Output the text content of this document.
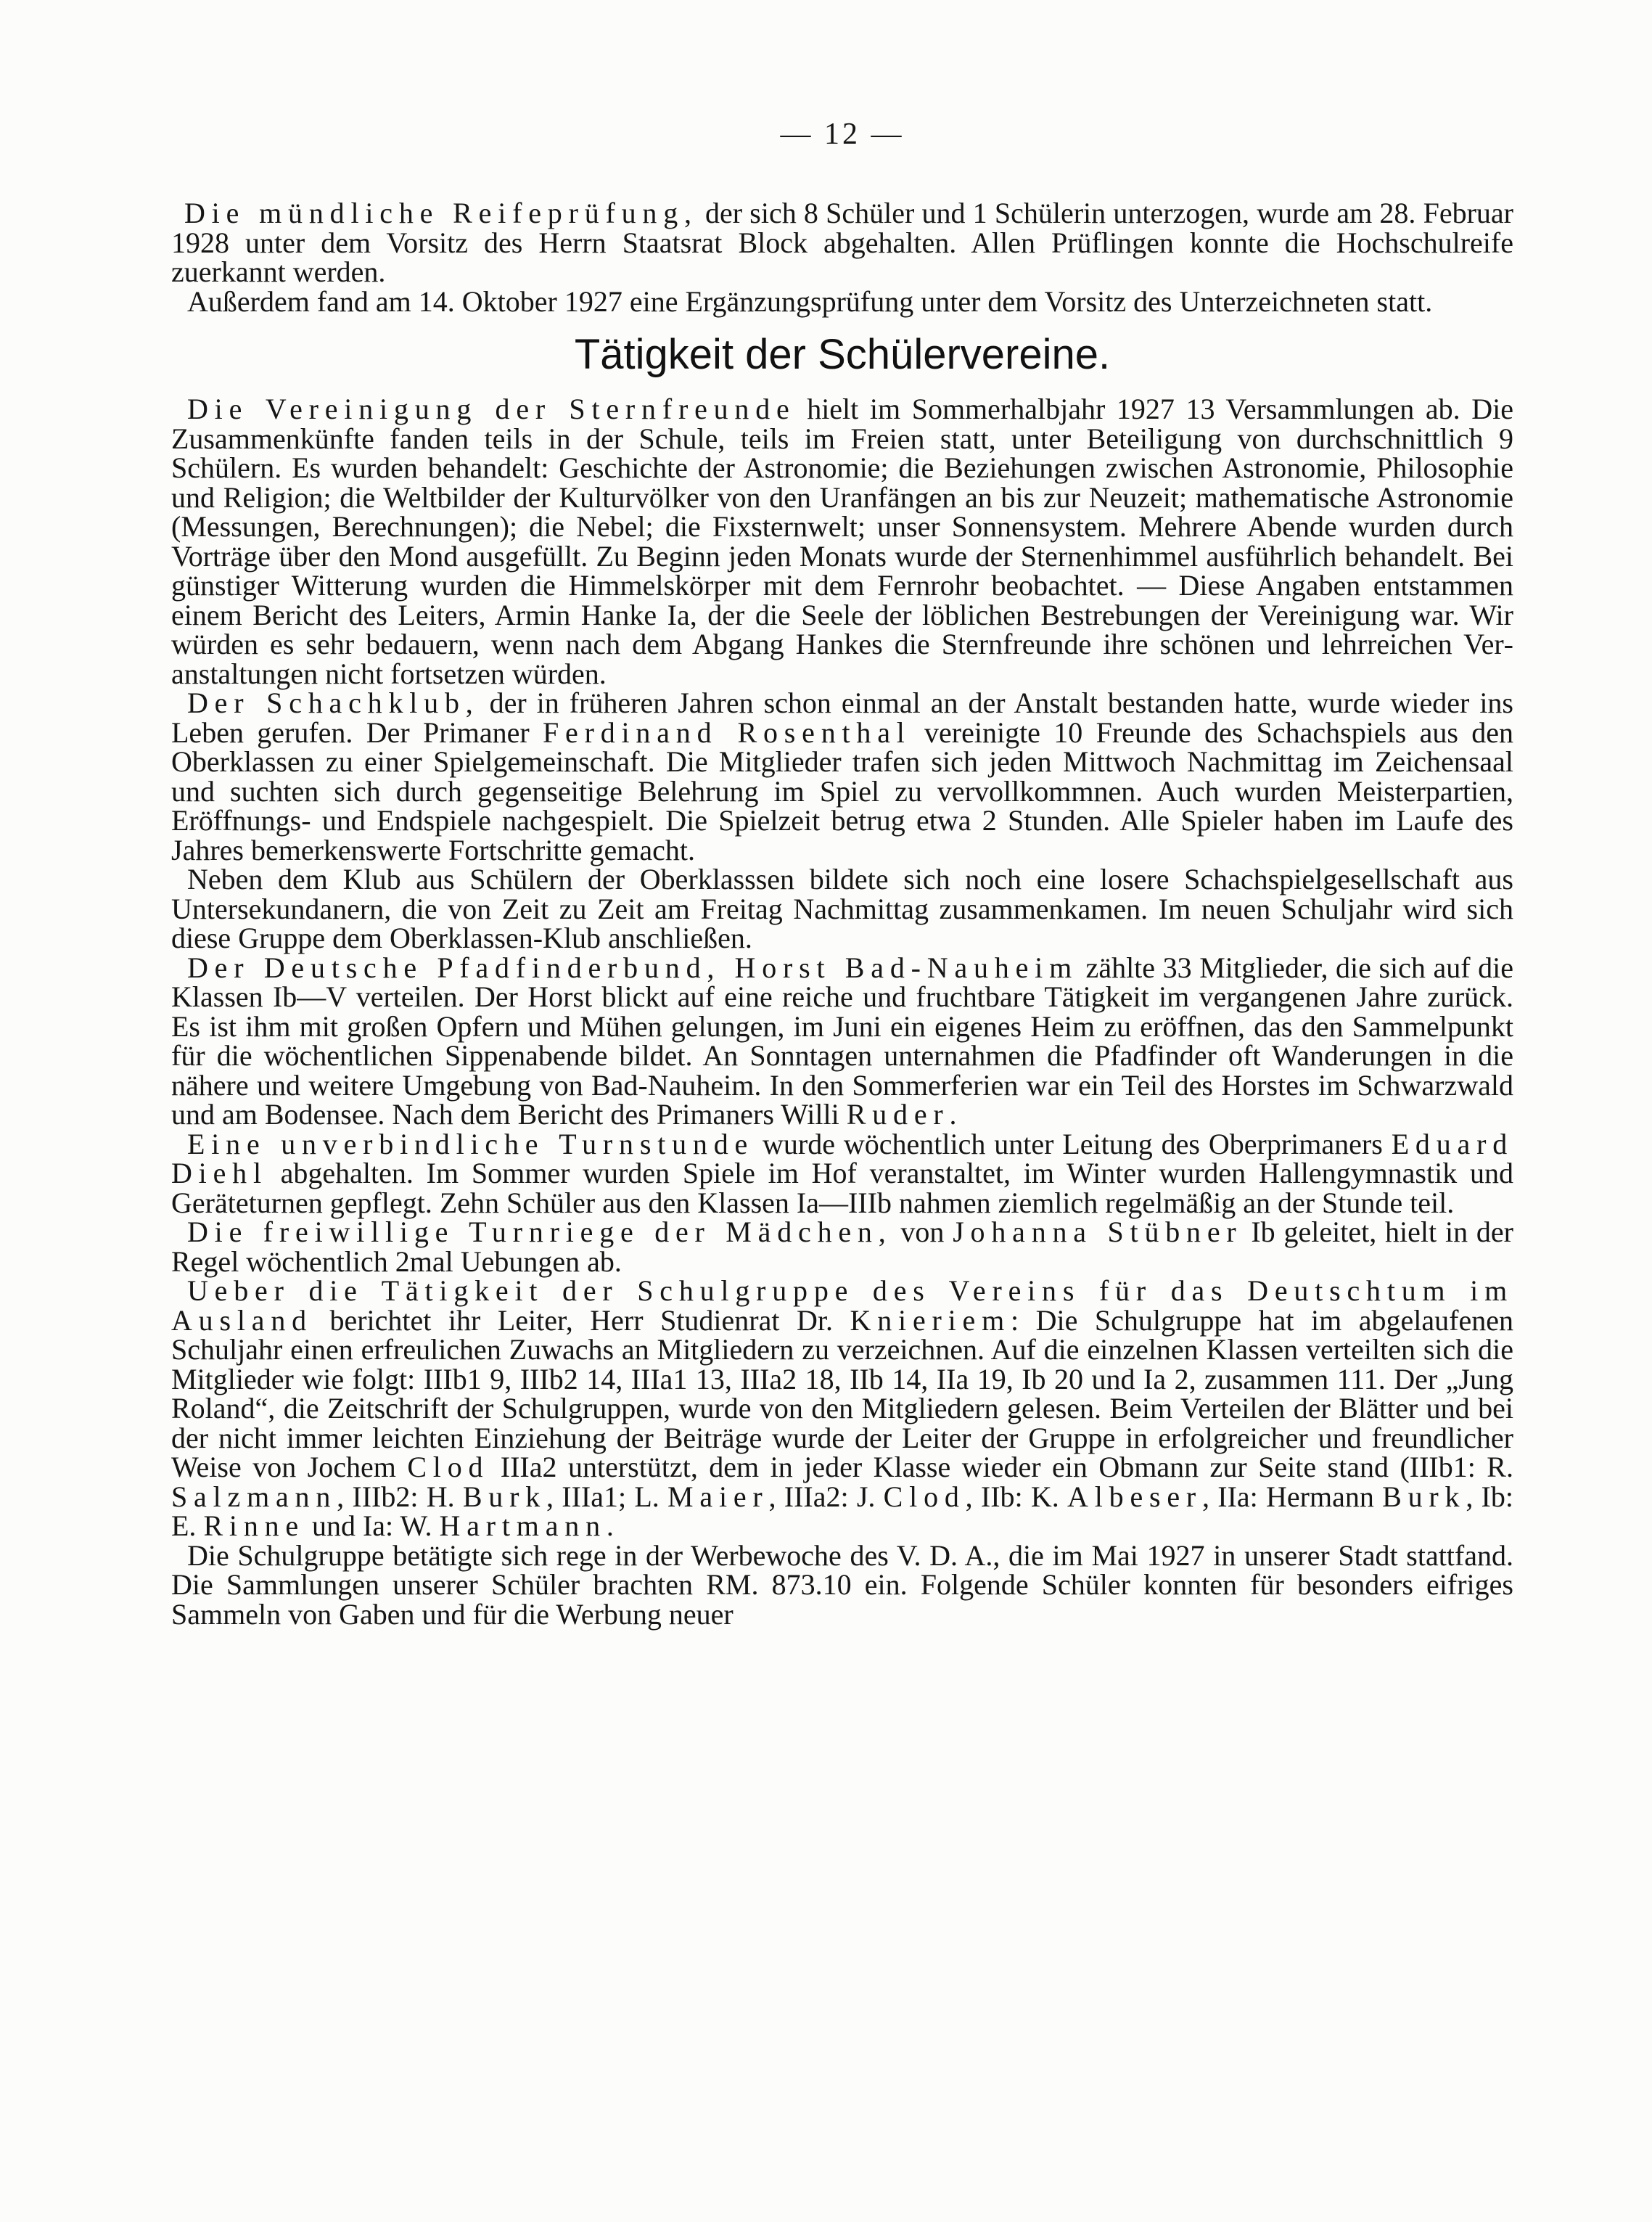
— 12 —

Die mündliche Reifeprüfung, der sich 8 Schüler und 1 Schülerin unterzogen, wurde am 28. Februar 1928 unter dem Vorsitz des Herrn Staatsrat Block abgehalten. Allen Prüflingen konnte die Hochschulreife zuerkannt werden.

Außerdem fand am 14. Oktober 1927 eine Ergänzungsprüfung unter dem Vorsitz des Unterzeichneten statt.

Tätigkeit der Schülervereine.

Die Vereinigung der Sternfreunde hielt im Sommerhalbjahr 1927 13 Versammlungen ab. Die Zusammenkünfte fanden teils in der Schule, teils im Freien statt, unter Beteiligung von durchschnittlich 9 Schülern. Es wurden behandelt: Geschichte der Astronomie; die Beziehungen zwischen Astronomie, Philosophie und Religion; die Weltbilder der Kulturvölker von den Uranfängen an bis zur Neuzeit; mathematische Astronomie (Messungen, Berechnungen); die Nebel; die Fixsternwelt; unser Sonnensystem. Mehrere Abende wurden durch Vorträge über den Mond ausgefüllt. Zu Beginn jeden Monats wurde der Sternenhimmel ausführlich behandelt. Bei günstiger Witterung wurden die Himmelskörper mit dem Fernrohr beobachtet. — Diese Angaben entstammen einem Bericht des Leiters, Armin Hanke Ia, der die Seele der löblichen Bestrebungen der Vereinigung war. Wir würden es sehr bedauern, wenn nach dem Abgang Hankes die Sternfreunde ihre schönen und lehrreichen Veranstaltungen nicht fortsetzen würden.

Der Schachklub, der in früheren Jahren schon einmal an der Anstalt bestanden hatte, wurde wieder ins Leben gerufen. Der Primaner Ferdinand Rosenthal vereinigte 10 Freunde des Schachspiels aus den Oberklassen zu einer Spielgemeinschaft. Die Mitglieder trafen sich jeden Mittwoch Nachmittag im Zeichensaal und suchten sich durch gegenseitige Belehrung im Spiel zu vervollkommnen. Auch wurden Meisterpartien, Eröffnungs- und Endspiele nachgespielt. Die Spielzeit betrug etwa 2 Stunden. Alle Spieler haben im Laufe des Jahres bemerkenswerte Fortschritte gemacht.

Neben dem Klub aus Schülern der Oberklasssen bildete sich noch eine losere Schachspielgesellschaft aus Untersekundanern, die von Zeit zu Zeit am Freitag Nachmittag zusammenkamen. Im neuen Schuljahr wird sich diese Gruppe dem Oberklassen-Klub anschließen.

Der Deutsche Pfadfinderbund, Horst Bad-Nauheim zählte 33 Mitglieder, die sich auf die Klassen Ib—V verteilen. Der Horst blickt auf eine reiche und fruchtbare Tätigkeit im vergangenen Jahre zurück. Es ist ihm mit großen Opfern und Mühen gelungen, im Juni ein eigenes Heim zu eröffnen, das den Sammelpunkt für die wöchentlichen Sippenabende bildet. An Sonntagen unternahmen die Pfadfinder oft Wanderungen in die nähere und weitere Umgebung von Bad-Nauheim. In den Sommerferien war ein Teil des Horstes im Schwarzwald und am Bodensee. Nach dem Bericht des Primaners Willi Ruder.

Eine unverbindliche Turnstunde wurde wöchentlich unter Leitung des Oberprimaners Eduard Diehl abgehalten. Im Sommer wurden Spiele im Hof veranstaltet, im Winter wurden Hallengymnastik und Geräteturnen gepflegt. Zehn Schüler aus den Klassen Ia—IIIb nahmen ziemlich regelmäßig an der Stunde teil.

Die freiwillige Turnriege der Mädchen, von Johanna Stübner Ib geleitet, hielt in der Regel wöchentlich 2mal Uebungen ab.

Ueber die Tätigkeit der Schulgruppe des Vereins für das Deutschtum im Ausland berichtet ihr Leiter, Herr Studienrat Dr. Knieriem: Die Schulgruppe hat im abgelaufenen Schuljahr einen erfreulichen Zuwachs an Mitgliedern zu verzeichnen. Auf die einzelnen Klassen verteilten sich die Mitglieder wie folgt: IIIb1 9, IIIb2 14, IIIa1 13, IIIa2 18, IIb 14, IIa 19, Ib 20 und Ia 2, zusammen 111. Der „Jung Roland“, die Zeitschrift der Schulgruppen, wurde von den Mitgliedern gelesen. Beim Verteilen der Blätter und bei der nicht immer leichten Einziehung der Beiträge wurde der Leiter der Gruppe in erfolgreicher und freundlicher Weise von Jochem Clod IIIa2 unterstützt, dem in jeder Klasse wieder ein Obmann zur Seite stand (IIIb1: R. Salzmann, IIIb2: H. Burk, IIIa1; L. Maier, IIIa2: J. Clod, IIb: K. Albeser, IIa: Hermann Burk, Ib: E. Rinne und Ia: W. Hartmann.

Die Schulgruppe betätigte sich rege in der Werbewoche des V. D. A., die im Mai 1927 in unserer Stadt stattfand. Die Sammlungen unserer Schüler brachten RM. 873.10 ein. Folgende Schüler konnten für besonders eifriges Sammeln von Gaben und für die Werbung neuer
